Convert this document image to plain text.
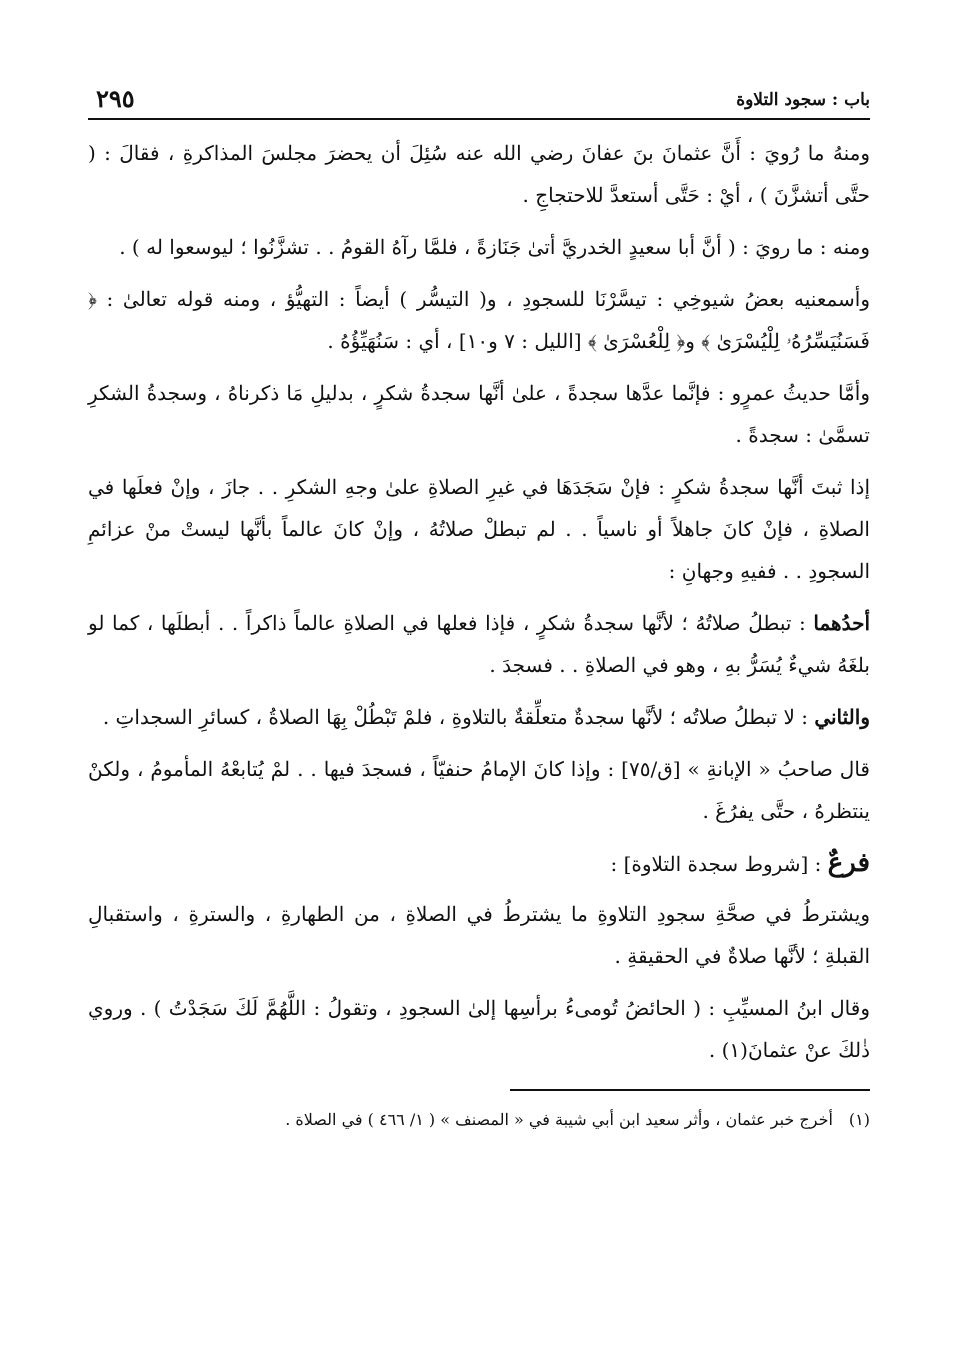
باب : سجود التلاوة
٢٩٥

ومنهُ ما رُويَ : أَنَّ عثمانَ بنَ عفانَ رضي الله عنه سُئِلَ أن يحضرَ مجلسَ المذاكرةِ ، فقالَ : ( حتَّى أتشزَّنَ ) ، أيْ : حَتَّى أستعدَّ للاحتجاجِ .

ومنه : ما رويَ : ( أنَّ أبا سعيدٍ الخدريَّ أتىٰ جَنَازةً ، فلمَّا رآهُ القومُ . . تشزَّنُوا ؛ ليوسعوا له ) .

وأسمعنيه بعضُ شيوخِي : تيسَّرْنَا للسجودِ ، و( التيسُّر ) أيضاً : التهيُّؤ ، ومنه قوله تعالىٰ : ﴿ فَسَنُيَسِّرُهُۥ لِلْيُسْرَىٰ ﴾ و﴿ لِلْعُسْرَىٰ ﴾ [الليل : ٧ و١٠] ، أي : سَنُهَيِّؤُهُ .

وأمَّا حديثُ عمرٍو : فإنَّما عدَّها سجدةً ، علىٰ أنَّها سجدةُ شكرٍ ، بدليلِ مَا ذكرناهُ ، وسجدةُ الشكرِ تسمَّىٰ : سجدةً .

إذا ثبتَ أنَّها سجدةُ شكرٍ : فإنْ سَجَدَهَا في غيرِ الصلاةِ علىٰ وجهِ الشكرِ . . جازَ ، وإنْ فعلَها في الصلاةِ ، فإنْ كانَ جاهلاً أو ناسياً . . لم تبطلْ صلاتُهُ ، وإنْ كانَ عالماً بأنَّها ليستْ منْ عزائمِ السجودِ . . ففيهِ وجهانِ :

أحدُهما : تبطلُ صلاتُهُ ؛ لأنَّها سجدةُ شكرٍ ، فإذا فعلها في الصلاةِ عالماً ذاكراً . . أبطلَها ، كما لو بلغَهُ شيءٌ يُسَرُّ بهِ ، وهو في الصلاةِ . . فسجدَ .

والثاني : لا تبطلُ صلاتُه ؛ لأنَّها سجدةٌ متعلِّقةٌ بالتلاوةِ ، فلمْ تَبْطُلْ بِهَا الصلاةُ ، كسائرِ السجداتِ .

قال صاحبُ « الإبانةِ » [ق/٧٥] : وإذا كانَ الإمامُ حنفيّاً ، فسجدَ فيها . . لمْ يُتابعْهُ المأمومُ ، ولكنْ ينتظرهُ ، حتَّى يفرُغَ .

فرعٌ : [شروط سجدة التلاوة] :

ويشترطُ في صحَّةِ سجودِ التلاوةِ ما يشترطُ في الصلاةِ ، من الطهارةِ ، والسترةِ ، واستقبالِ القبلةِ ؛ لأنَّها صلاةٌ في الحقيقةِ .

وقال ابنُ المسيِّبِ : ( الحائضُ تُومىءُ برأسِها إلىٰ السجودِ ، وتقولُ : اللَّهُمَّ لَكَ سَجَدْتُ ) . وروي ذٰلكَ عنْ عثمانَ(١) .

(١)أخرج خبر عثمان ، وأثر سعيد ابن أبي شيبة في « المصنف » ( ١/ ٤٦٦ ) في الصلاة .
